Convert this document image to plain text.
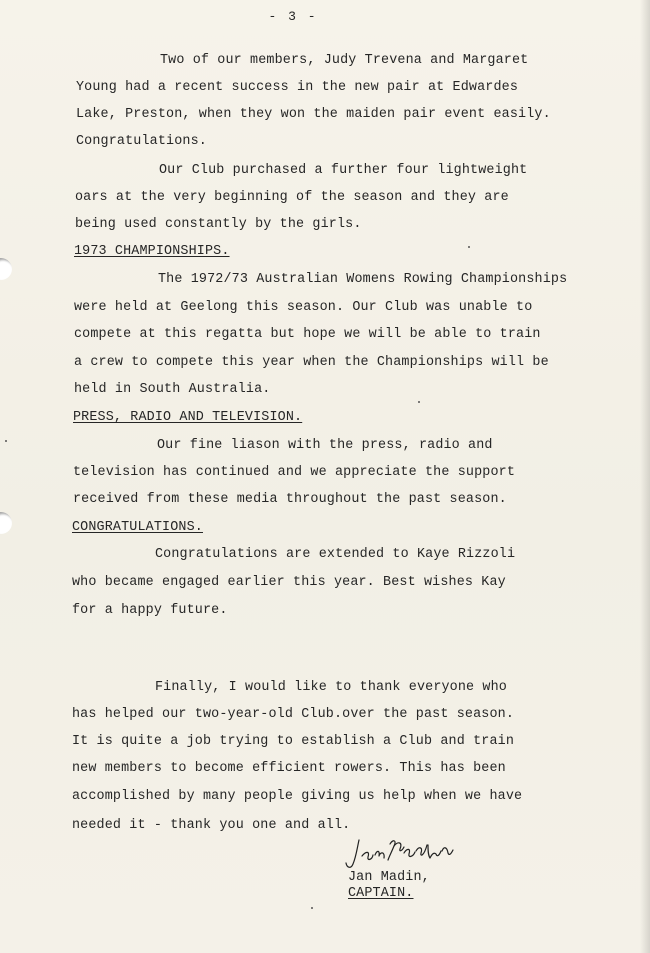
- 3 -
Two of our members, Judy Trevena and Margaret
Young had a recent success in the new pair at Edwardes
Lake, Preston, when they won the maiden pair event easily.
Congratulations.
Our Club purchased a further four lightweight
oars at the very beginning of the season and they are
being used constantly by the girls.
1973 CHAMPIONSHIPS.
The 1972/73 Australian Womens Rowing Championships
were held at Geelong this season. Our Club was unable to
compete at this regatta but hope we will be able to train
a crew to compete this year when the Championships will be
held in South Australia.
PRESS, RADIO AND TELEVISION.
Our fine liason with the press, radio and
television has continued and we appreciate the support
received from these media throughout the past season.
CONGRATULATIONS.
Congratulations are extended to Kaye Rizzoli
who became engaged earlier this year. Best wishes Kay
for a happy future.
Finally, I would like to thank everyone who
has helped our two-year-old Club.over the past season.
It is quite a job trying to establish a Club and train
new members to become efficient rowers. This has been
accomplished by many people giving us help when we have
needed it - thank you one and all.
Jan Madin,
CAPTAIN.
